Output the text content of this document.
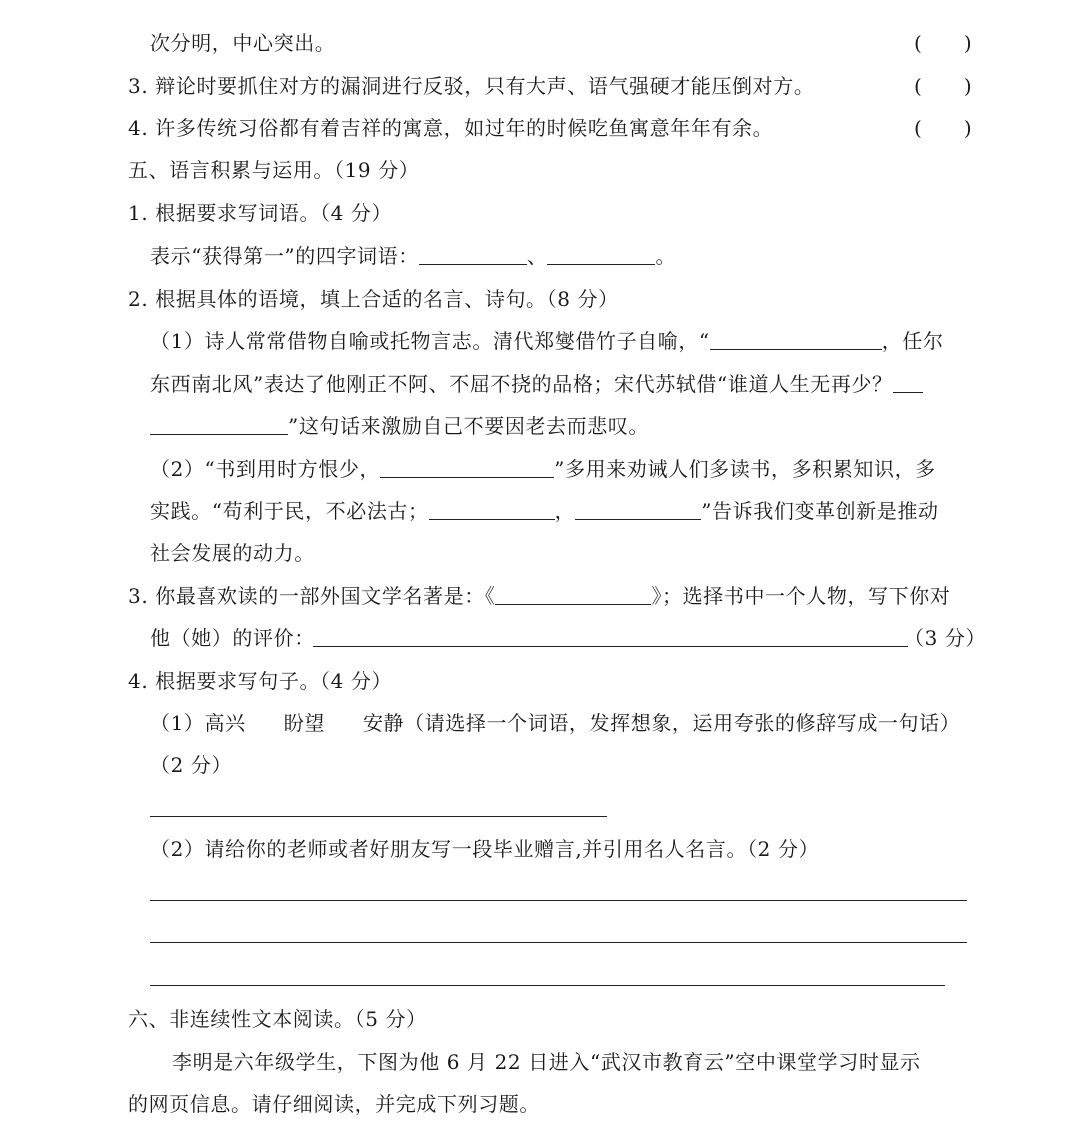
次分明，中心突出。	( )
3. 辩论时要抓住对方的漏洞进行反驳，只有大声、语气强硬才能压倒对方。	( )
4. 许多传统习俗都有着吉祥的寓意，如过年的时候吃鱼寓意年年有余。	( )
五、语言积累与运用。（19 分）
1. 根据要求写词语。（4 分）
表示“获得第一”的四字词语：	、	。
2. 根据具体的语境，填上合适的名言、诗句。（8 分）
（1）诗人常常借物自喻或托物言志。清代郑燮借竹子自喻，“	，任尔
东西南北风”表达了他刚正不阿、不屈不挠的品格；宋代苏轼借“谁道人生无再少？
”这句话来激励自己不要因老去而悲叹。
（2）“书到用时方恨少，	”多用来劝诫人们多读书，多积累知识，多
实践。“苟利于民，不必法古；	，	”告诉我们变革创新是推动
社会发展的动力。
3. 你最喜欢读的一部外国文学名著是：《	》；选择书中一个人物，写下你对
他（她）的评价：	（3 分）
4. 根据要求写句子。（4 分）
（1）高兴 盼望 安静（请选择一个词语，发挥想象，运用夸张的修辞写成一句话）
（2 分）
（2）请给你的老师或者好朋友写一段毕业赠言,并引用名人名言。（2 分）
六、非连续性文本阅读。（5 分）
李明是六年级学生，下图为他 6 月 22 日进入“武汉市教育云”空中课堂学习时显示
的网页信息。请仔细阅读，并完成下列习题。
